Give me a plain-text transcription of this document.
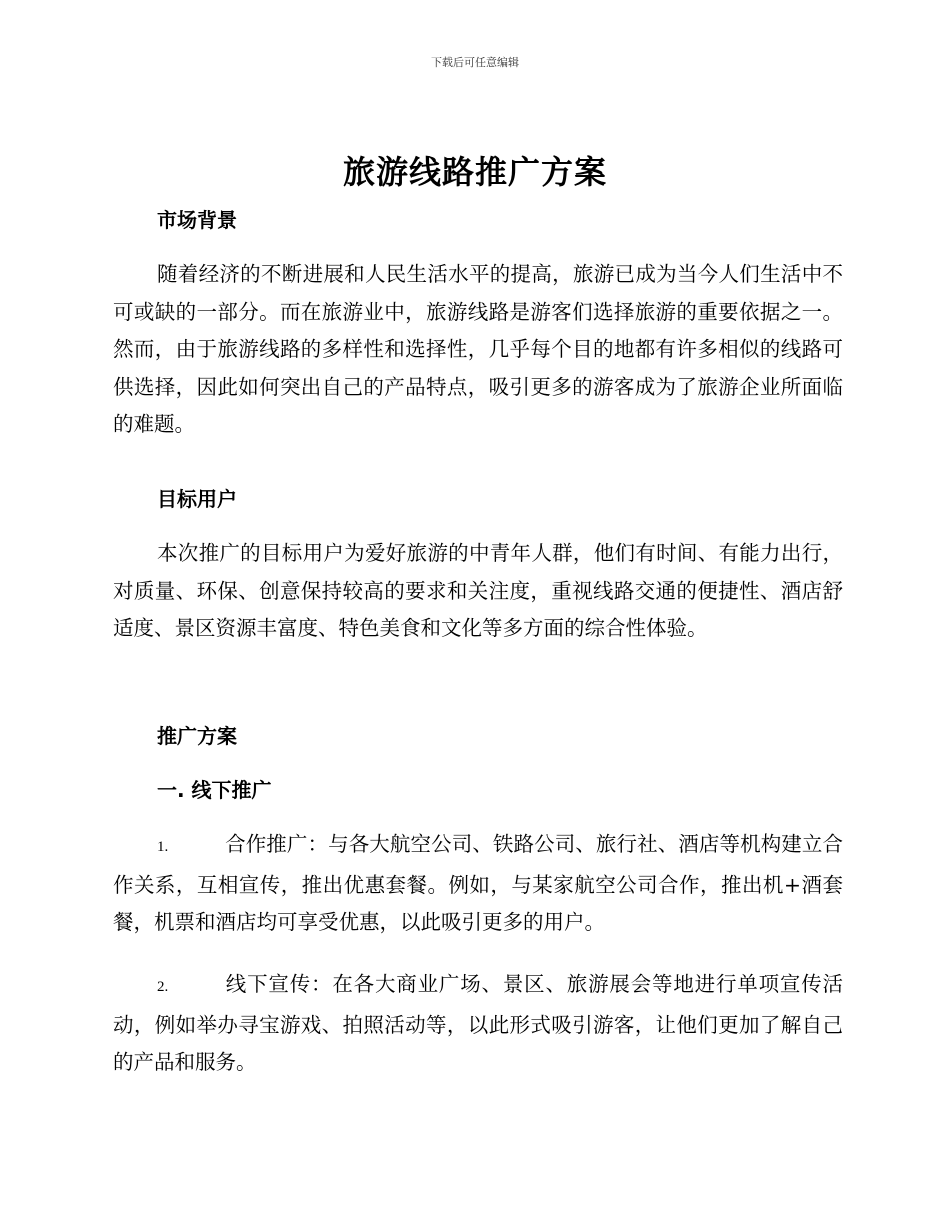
下载后可任意编辑
旅游线路推广方案
市场背景
随着经济的不断进展和人民生活水平的提高，旅游已成为当今人们生活中不可或缺的一部分。而在旅游业中，旅游线路是游客们选择旅游的重要依据之一。然而，由于旅游线路的多样性和选择性，几乎每个目的地都有许多相似的线路可供选择，因此如何突出自己的产品特点，吸引更多的游客成为了旅游企业所面临的难题。
目标用户
本次推广的目标用户为爱好旅游的中青年人群，他们有时间、有能力出行，对质量、环保、创意保持较高的要求和关注度，重视线路交通的便捷性、酒店舒适度、景区资源丰富度、特色美食和文化等多方面的综合性体验。
推广方案
一. 线下推广
1.	合作推广：与各大航空公司、铁路公司、旅行社、酒店等机构建立合作关系，互相宣传，推出优惠套餐。例如，与某家航空公司合作，推出机+酒套餐，机票和酒店均可享受优惠，以此吸引更多的用户。
2.	线下宣传：在各大商业广场、景区、旅游展会等地进行单项宣传活动，例如举办寻宝游戏、拍照活动等，以此形式吸引游客，让他们更加了解自己的产品和服务。
